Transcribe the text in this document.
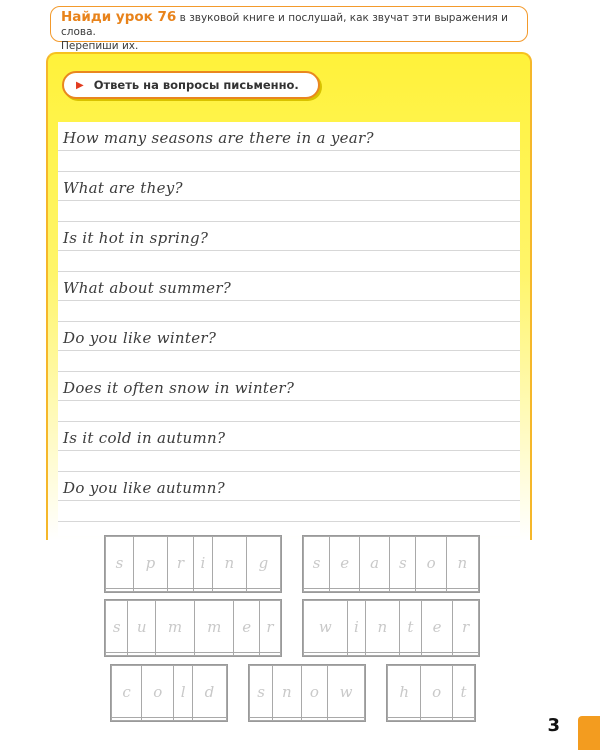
Найди урок 76 в звуковой книге и послушай, как звучат эти выражения и слова.
Перепиши их.
▶ Ответь на вопросы письменно.
How many seasons are there in a year?
What are they?
Is it hot in spring?
What about summer?
Do you like winter?
Does it often snow in winter?
Is it cold in autumn?
Do you like autumn?
s	p	r	i	n	g
						s	e	a	s	o	n

s	u	m	m	e	r
						w	i	n	t	e	r

c	o	l	d
				s	n	o	w
				h	o	t

3
